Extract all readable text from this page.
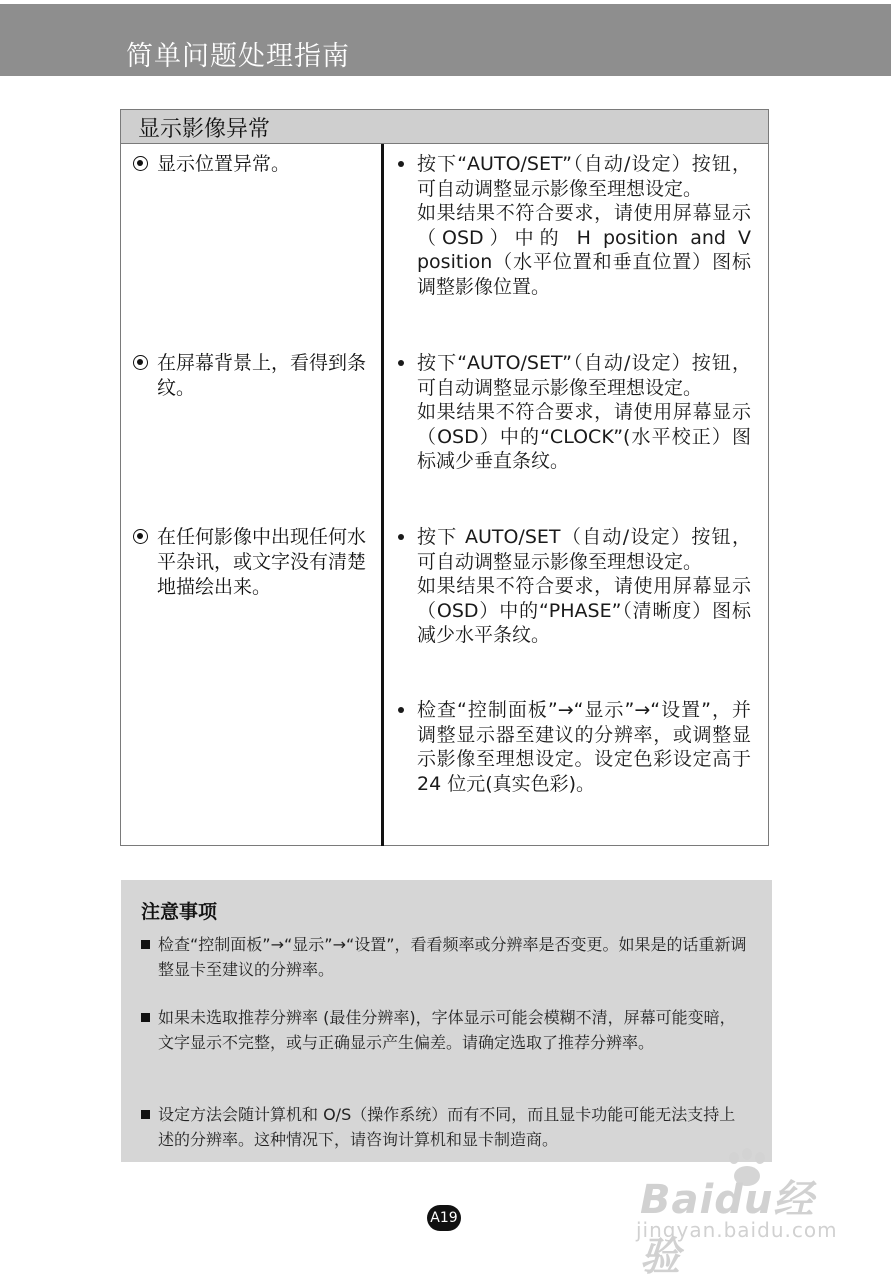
简单问题处理指南
显示影像异常
显示位置异常。	按下“AUTO/SET”（自动/设定）按钮，可自动调整显示影像至理想设定。

如果结果不符合要求，请使用屏幕显示（OSD）中的 H position and V position（水平位置和垂直位置）图标调整影像位置。

在屏幕背景上，看得到条纹。

按下“AUTO/SET”（自动/设定）按钮，可自动调整显示影像至理想设定。

如果结果不符合要求，请使用屏幕显示（OSD）中的“CLOCK”(水平校正）图标减少垂直条纹。

在任何影像中出现任何水平杂讯，或文字没有清楚地描绘出来。

按下 AUTO/SET（自动/设定）按钮，可自动调整显示影像至理想设定。

如果结果不符合要求，请使用屏幕显示（OSD）中的“PHASE”（清晰度）图标减少水平条纹。

检查“控制面板”→“显示”→“设置”，并调整显示器至建议的分辨率，或调整显示影像至理想设定。设定色彩设定高于 24 位元(真实色彩)。

注意事项
检查“控制面板”→“显示”→“设置”，看看频率或分辨率是否变更。如果是的话重新调整显卡至建议的分辨率。
如果未选取推荐分辨率 (最佳分辨率)，字体显示可能会模糊不清，屏幕可能变暗，文字显示不完整，或与正确显示产生偏差。请确定选取了推荐分辨率。
设定方法会随计算机和 O/S（操作系统）而有不同，而且显卡功能可能无法支持上述的分辨率。这种情况下，请咨询计算机和显卡制造商。
A19	Baidu经验
jingyan.baidu.com
